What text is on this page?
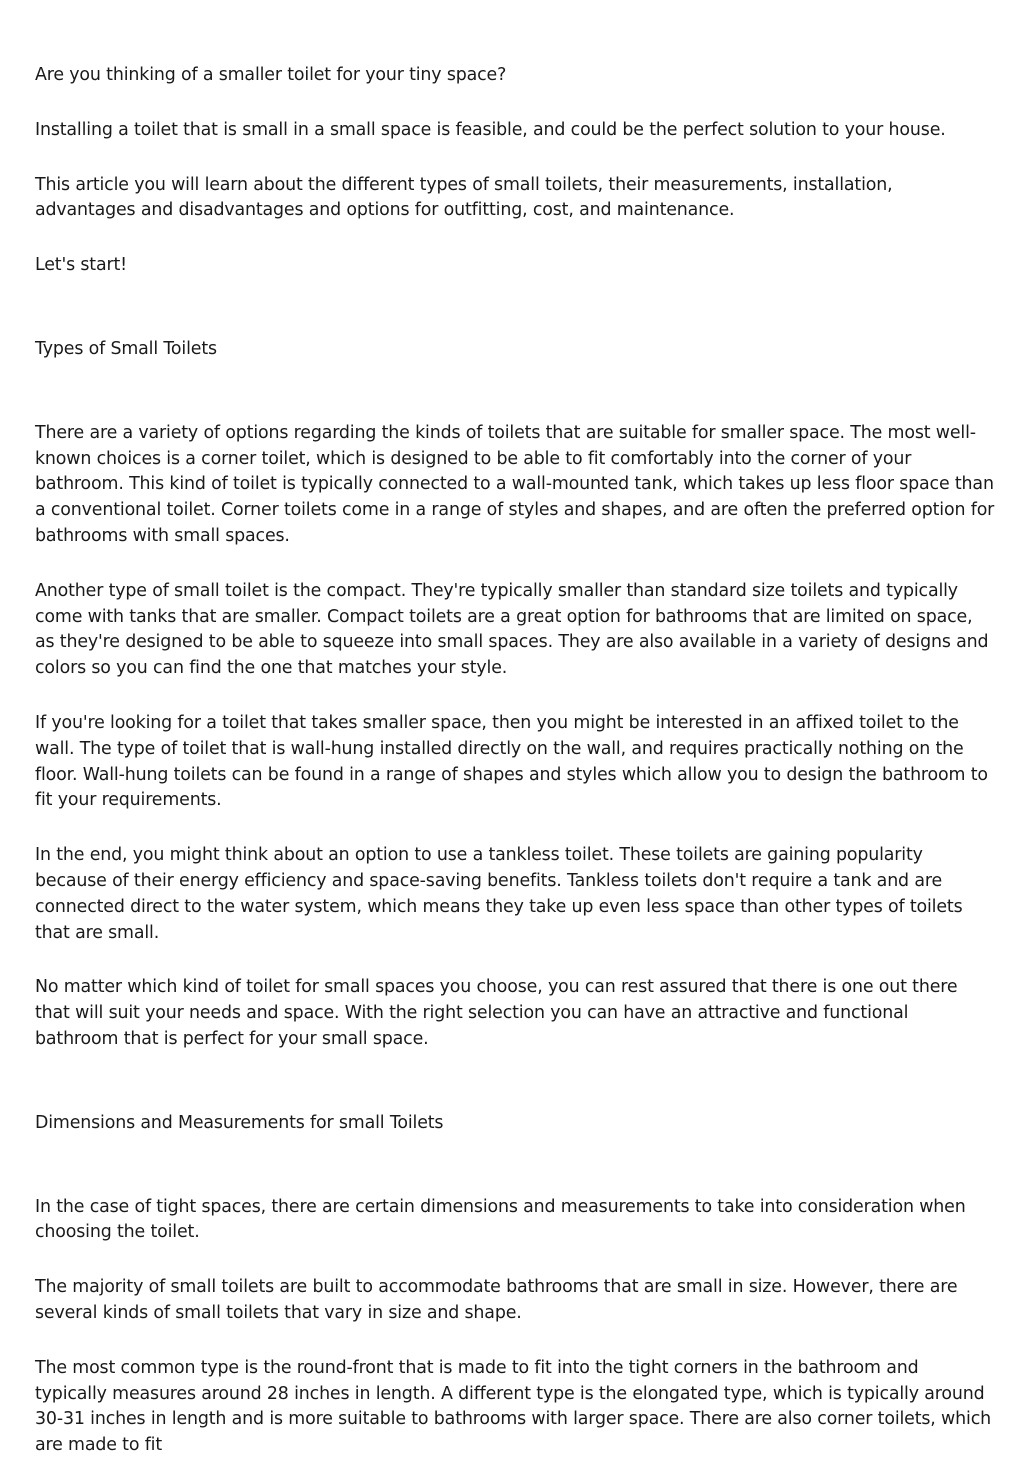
Are you thinking of a smaller toilet for your tiny space?

Installing a toilet that is small in a small space is feasible, and could be the perfect solution to your house.

This article you will learn about the different types of small toilets, their measurements, installation, advantages and disadvantages and options for outfitting, cost, and maintenance.

Let's start!

Types of Small Toilets

There are a variety of options regarding the kinds of toilets that are suitable for smaller space. The most well-known choices is a corner toilet, which is designed to be able to fit comfortably into the corner of your bathroom. This kind of toilet is typically connected to a wall-mounted tank, which takes up less floor space than a conventional toilet. Corner toilets come in a range of styles and shapes, and are often the preferred option for bathrooms with small spaces.

Another type of small toilet is the compact. They're typically smaller than standard size toilets and typically come with tanks that are smaller. Compact toilets are a great option for bathrooms that are limited on space, as they're designed to be able to squeeze into small spaces. They are also available in a variety of designs and colors so you can find the one that matches your style.

If you're looking for a toilet that takes smaller space, then you might be interested in an affixed toilet to the wall. The type of toilet that is wall-hung installed directly on the wall, and requires practically nothing on the floor. Wall-hung toilets can be found in a range of shapes and styles which allow you to design the bathroom to fit your requirements.

In the end, you might think about an option to use a tankless toilet. These toilets are gaining popularity because of their energy efficiency and space-saving benefits. Tankless toilets don't require a tank and are connected direct to the water system, which means they take up even less space than other types of toilets that are small.

No matter which kind of toilet for small spaces you choose, you can rest assured that there is one out there that will suit your needs and space. With the right selection you can have an attractive and functional bathroom that is perfect for your small space.

Dimensions and Measurements for small Toilets

In the case of tight spaces, there are certain dimensions and measurements to take into consideration when choosing the toilet.

The majority of small toilets are built to accommodate bathrooms that are small in size. However, there are several kinds of small toilets that vary in size and shape.

The most common type is the round-front that is made to fit into the tight corners in the bathroom and typically measures around 28 inches in length. A different type is the elongated type, which is typically around 30-31 inches in length and is more suitable to bathrooms with larger space. There are also corner toilets, which are made to fit
